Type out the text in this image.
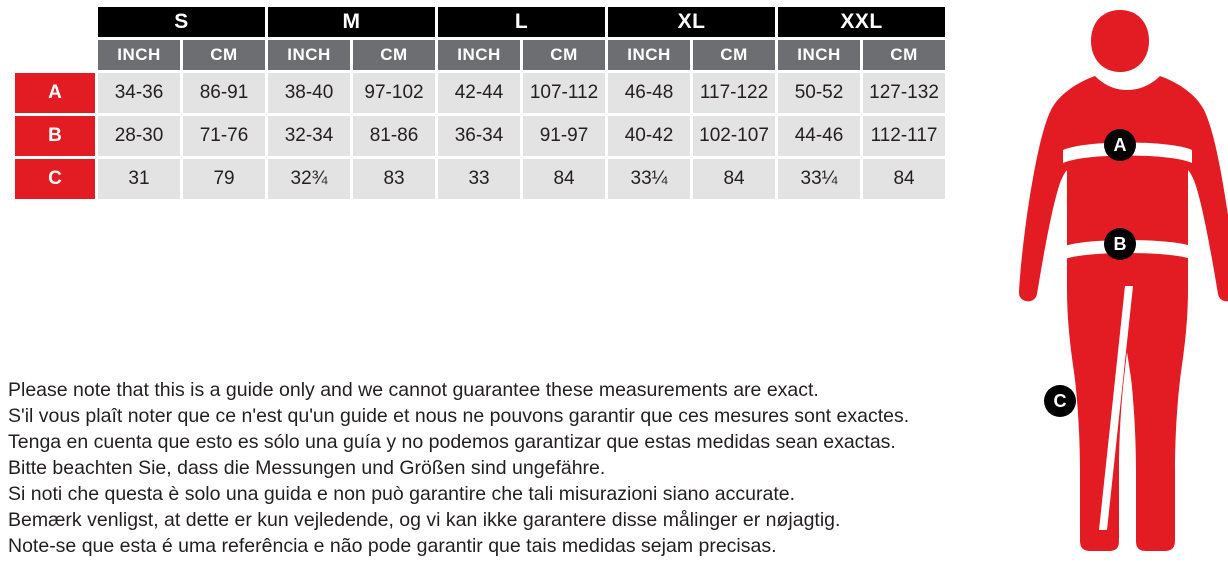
	S		M		L		XL		XXL	
	INCH	CM	INCH	CM	INCH	CM	INCH	CM	INCH	CM
A	34-36	86-91	38-40	97-102	42-44	107-112	46-48	117-122	50-52	127-132
B	28-30	71-76	32-34	81-86	36-34	91-97	40-42	102-107	44-46	112-117
C	31	79	32¾	83	33	84	33¼	84	33¼	84

Please note that this is a guide only and we cannot guarantee these measurements are exact.

S'il vous plaît noter que ce n'est qu'un guide et nous ne pouvons garantir que ces mesures sont exactes.

Tenga en cuenta que esto es sólo una guía y no podemos garantizar que estas medidas sean exactas.

Bitte beachten Sie, dass die Messungen und Größen sind ungefähre.

Si noti che questa è solo una guida e non può garantire che tali misurazioni siano accurate.

Bemærk venligst, at dette er kun vejledende, og vi kan ikke garantere disse målinger er nøjagtig.

Note-se que esta é uma referência e não pode garantir que tais medidas sejam precisas.

A
B
C
